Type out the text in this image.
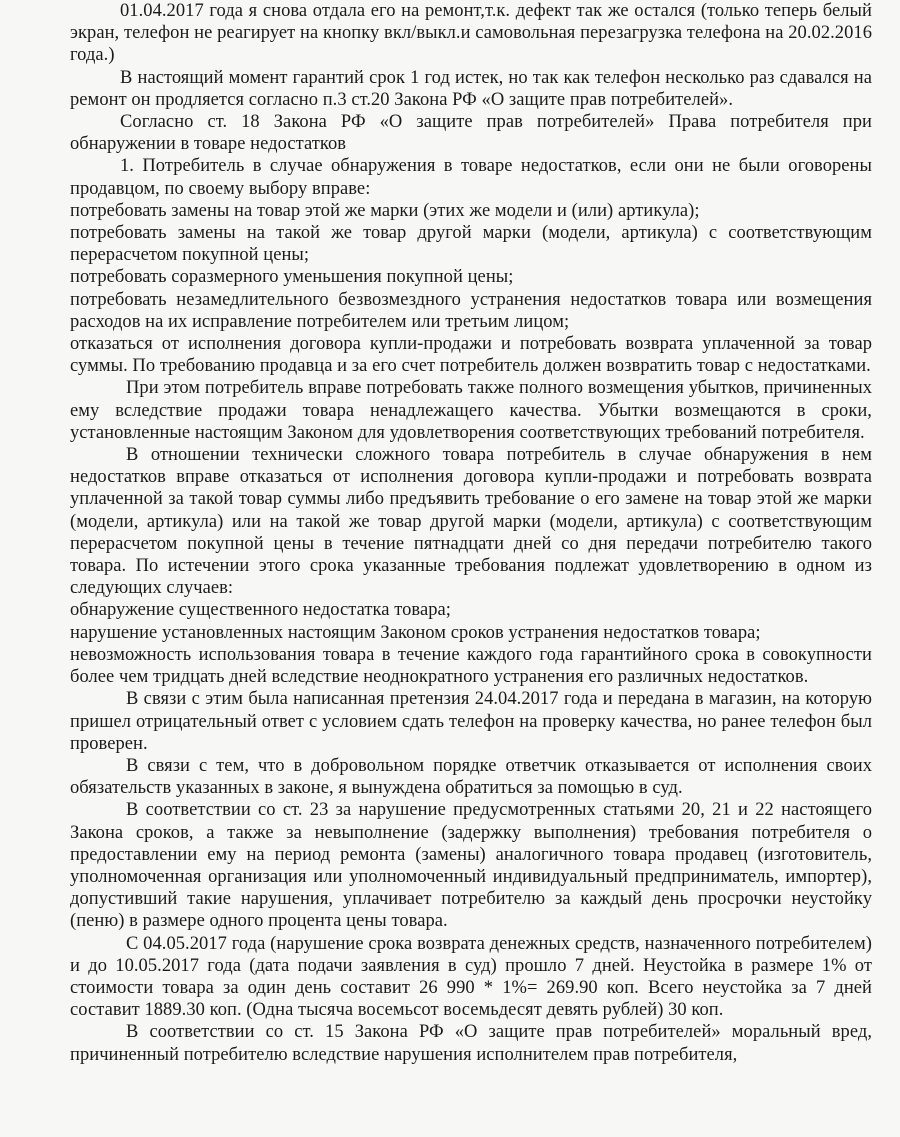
01.04.2017 года я снова отдала его на ремонт,т.к. дефект так же остался (только теперь белый экран, телефон не реагирует на кнопку вкл/выкл.и самовольная перезагрузка телефона на 20.02.2016 года.)

В настоящий момент гарантий срок 1 год истек, но так как телефон несколько раз сдавался на ремонт он продляется согласно п.3 ст.20 Закона РФ «О защите прав потребителей».

Согласно ст. 18 Закона РФ «О защите прав потребителей» Права потребителя при обнаружении в товаре недостатков

1. Потребитель в случае обнаружения в товаре недостатков, если они не были оговорены продавцом, по своему выбору вправе:

потребовать замены на товар этой же марки (этих же модели и (или) артикула);

потребовать замены на такой же товар другой марки (модели, артикула) с соответствующим перерасчетом покупной цены;

потребовать соразмерного уменьшения покупной цены;

потребовать незамедлительного безвозмездного устранения недостатков товара или возмещения расходов на их исправление потребителем или третьим лицом;

отказаться от исполнения договора купли-продажи и потребовать возврата уплаченной за товар суммы. По требованию продавца и за его счет потребитель должен возвратить товар с недостатками.

При этом потребитель вправе потребовать также полного возмещения убытков, причиненных ему вследствие продажи товара ненадлежащего качества. Убытки возмещаются в сроки, установленные настоящим Законом для удовлетворения соответствующих требований потребителя.

В отношении технически сложного товара потребитель в случае обнаружения в нем недостатков вправе отказаться от исполнения договора купли-продажи и потребовать возврата уплаченной за такой товар суммы либо предъявить требование о его замене на товар этой же марки (модели, артикула) или на такой же товар другой марки (модели, артикула) с соответствующим перерасчетом покупной цены в течение пятнадцати дней со дня передачи потребителю такого товара. По истечении этого срока указанные требования подлежат удовлетворению в одном из следующих случаев:

обнаружение существенного недостатка товара;

нарушение установленных настоящим Законом сроков устранения недостатков товара;

невозможность использования товара в течение каждого года гарантийного срока в совокупности более чем тридцать дней вследствие неоднократного устранения его различных недостатков.

В связи с этим была написанная претензия 24.04.2017 года и передана в магазин, на которую пришел отрицательный ответ с условием сдать телефон на проверку качества, но ранее телефон был проверен.

В связи с тем, что в добровольном порядке ответчик отказывается от исполнения своих обязательств указанных в законе, я вынуждена обратиться за помощью в суд.

В соответствии со ст. 23 за нарушение предусмотренных статьями 20, 21 и 22 настоящего Закона сроков, а также за невыполнение (задержку выполнения) требования потребителя о предоставлении ему на период ремонта (замены) аналогичного товара продавец (изготовитель, уполномоченная организация или уполномоченный индивидуальный предприниматель, импортер), допустивший такие нарушения, уплачивает потребителю за каждый день просрочки неустойку (пеню) в размере одного процента цены товара.

С 04.05.2017 года (нарушение срока возврата денежных средств, назначенного потребителем) и до 10.05.2017 года (дата подачи заявления в суд) прошло 7 дней. Неустойка в размере 1% от стоимости товара за один день составит 26 990 * 1%= 269.90 коп. Всего неустойка за 7 дней составит 1889.30 коп. (Одна тысяча восемьсот восемьдесят девять рублей) 30 коп.

В соответствии со ст. 15 Закона РФ «О защите прав потребителей» моральный вред, причиненный потребителю вследствие нарушения исполнителем прав потребителя,
